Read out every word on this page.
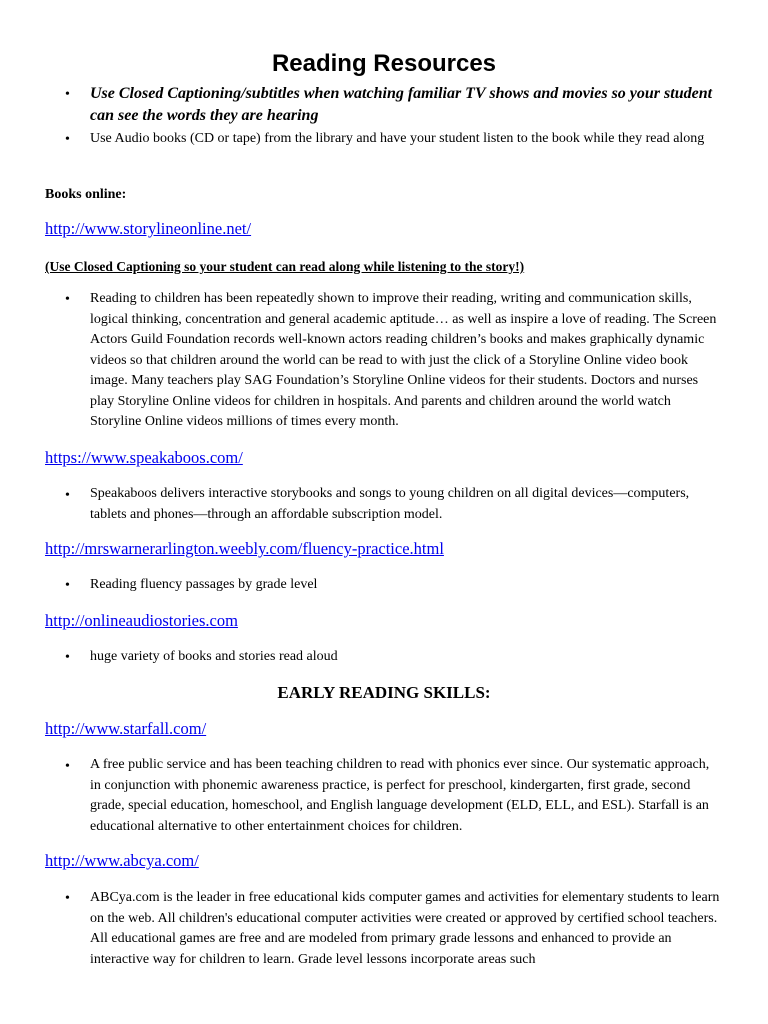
Reading Resources
•	Use Closed Captioning/subtitles when watching familiar TV shows and movies so your student can see the words they are hearing
•	Use Audio books (CD or tape) from the library and have your student listen to the book while they read along
Books online:
http://www.storylineonline.net/
(Use Closed Captioning so your student can read along while listening to the story!)
•	Reading to children has been repeatedly shown to improve their reading, writing and communication skills, logical thinking, concentration and general academic aptitude… as well as inspire a love of reading. The Screen Actors Guild Foundation records well-known actors reading children’s books and makes graphically dynamic videos so that children around the world can be read to with just the click of a Storyline Online video book image. Many teachers play SAG Foundation’s Storyline Online videos for their students. Doctors and nurses play Storyline Online videos for children in hospitals. And parents and children around the world watch Storyline Online videos millions of times every month.
https://www.speakaboos.com/
•	Speakaboos delivers interactive storybooks and songs to young children on all digital devices—computers, tablets and phones—through an affordable subscription model.
http://mrswarnerarlington.weebly.com/fluency-practice.html
•	Reading fluency passages by grade level
http://onlineaudiostories.com
•	huge variety of books and stories read aloud
EARLY READING SKILLS:
http://www.starfall.com/
•	A free public service and has been teaching children to read with phonics ever since. Our systematic approach, in conjunction with phonemic awareness practice, is perfect for preschool, kindergarten, first grade, second grade, special education, homeschool, and English language development (ELD, ELL, and ESL). Starfall is an educational alternative to other entertainment choices for children.
http://www.abcya.com/
•	ABCya.com is the leader in free educational kids computer games and activities for elementary students to learn on the web. All children's educational computer activities were created or approved by certified school teachers. All educational games are free and are modeled from primary grade lessons and enhanced to provide an interactive way for children to learn. Grade level lessons incorporate areas such
